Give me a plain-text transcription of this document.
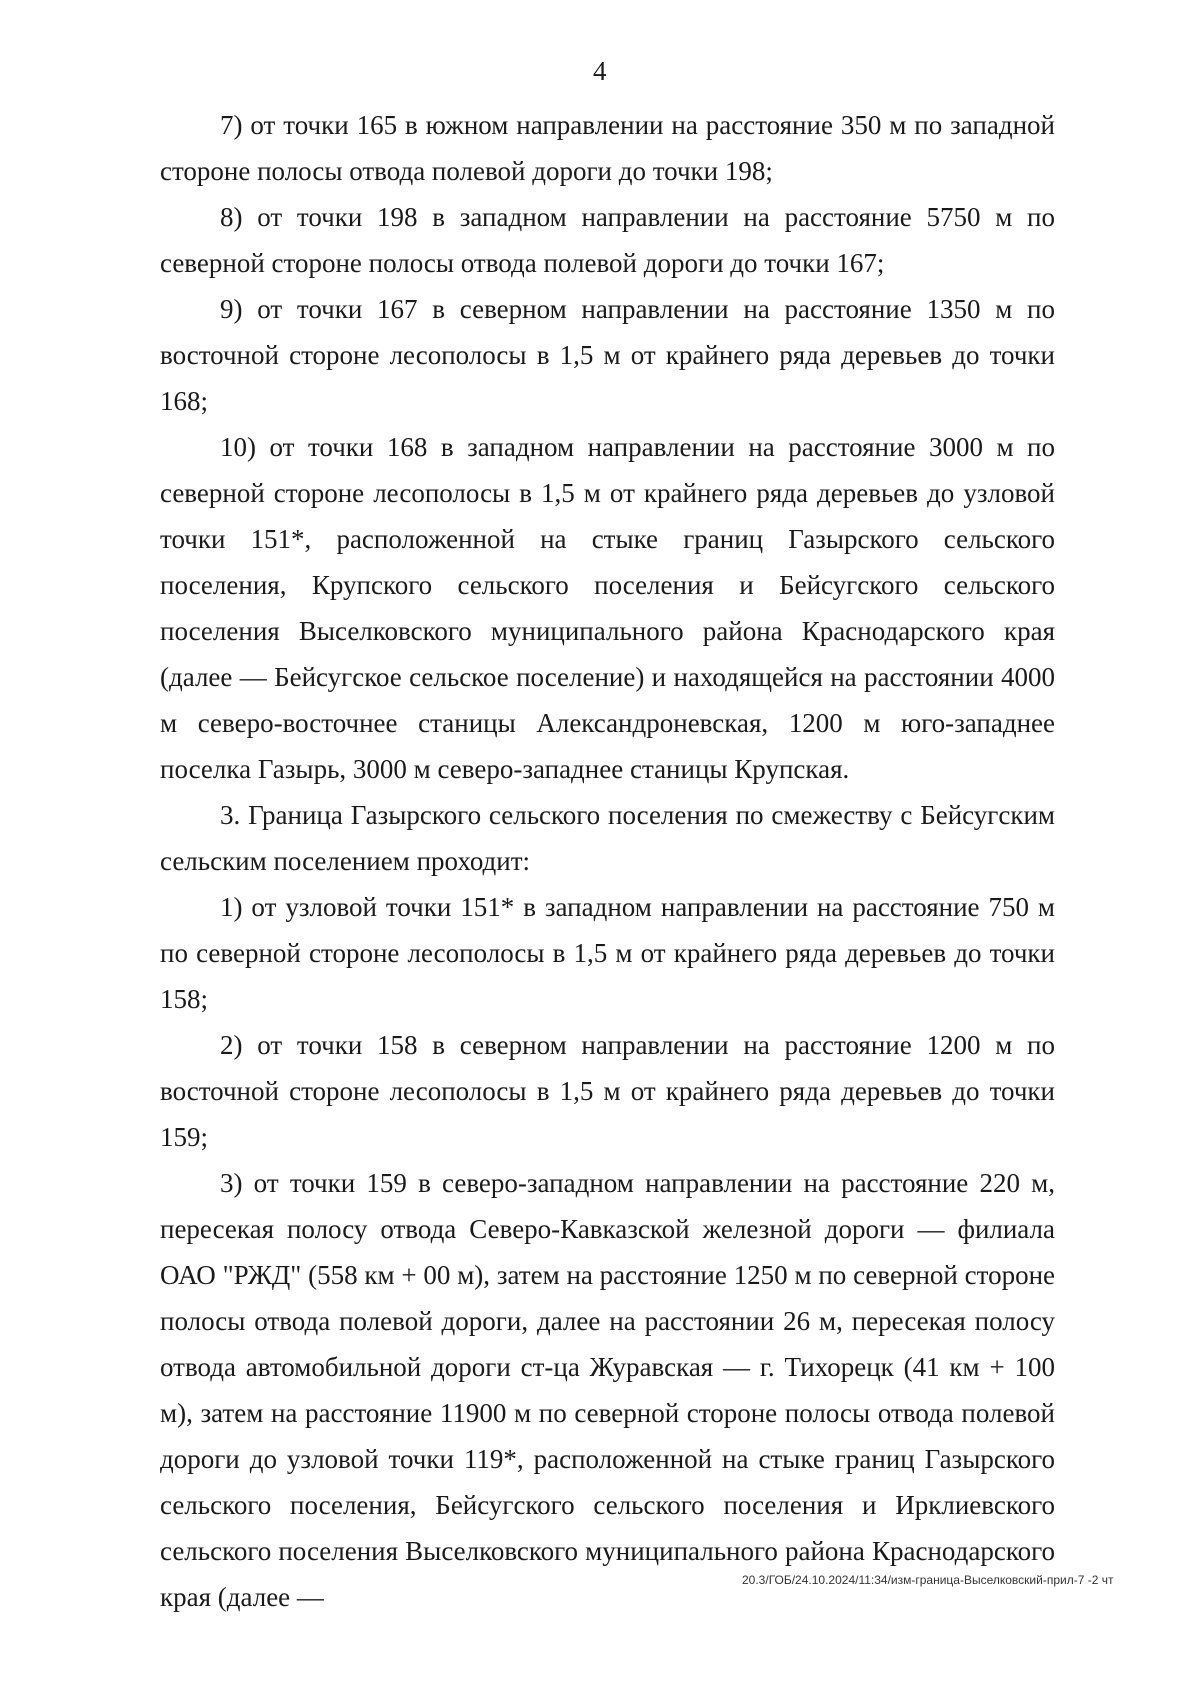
4

7) от точки 165 в южном направлении на расстояние 350 м по западной стороне полосы отвода полевой дороги до точки 198;

8) от точки 198 в западном направлении на расстояние 5750 м по северной стороне полосы отвода полевой дороги до точки 167;

9) от точки 167 в северном направлении на расстояние 1350 м по восточной стороне лесополосы в 1,5 м от крайнего ряда деревьев до точки 168;

10) от точки 168 в западном направлении на расстояние 3000 м по северной стороне лесополосы в 1,5 м от крайнего ряда деревьев до узловой точки 151*, расположенной на стыке границ Газырского сельского поселения, Крупского сельского поселения и Бейсугского сельского поселения Выселковского муниципального района Краснодарского края (далее — Бейсугское сельское поселение) и находящейся на расстоянии 4000 м северо-восточнее станицы Александроневская, 1200 м юго-западнее поселка Газырь, 3000 м северо-западнее станицы Крупская.

3. Граница Газырского сельского поселения по смежеству с Бейсугским сельским поселением проходит:

1) от узловой точки 151* в западном направлении на расстояние 750 м по северной стороне лесополосы в 1,5 м от крайнего ряда деревьев до точки 158;

2) от точки 158 в северном направлении на расстояние 1200 м по восточной стороне лесополосы в 1,5 м от крайнего ряда деревьев до точки 159;

3) от точки 159 в северо-западном направлении на расстояние 220 м, пересекая полосу отвода Северо-Кавказской железной дороги — филиала ОАО "РЖД" (558 км + 00 м), затем на расстояние 1250 м по северной стороне полосы отвода полевой дороги, далее на расстоянии 26 м, пересекая полосу отвода автомобильной дороги ст-ца Журавская — г. Тихорецк (41 км + 100 м), затем на расстояние 11900 м по северной стороне полосы отвода полевой дороги до узловой точки 119*, расположенной на стыке границ Газырского сельского поселения, Бейсугского сельского поселения и Ирклиевского сельского поселения Выселковского муниципального района Краснодарского края (далее —

20.3/ГОБ/24.10.2024/11:34/изм-граница-Выселковский-прил-7 -2 чт
